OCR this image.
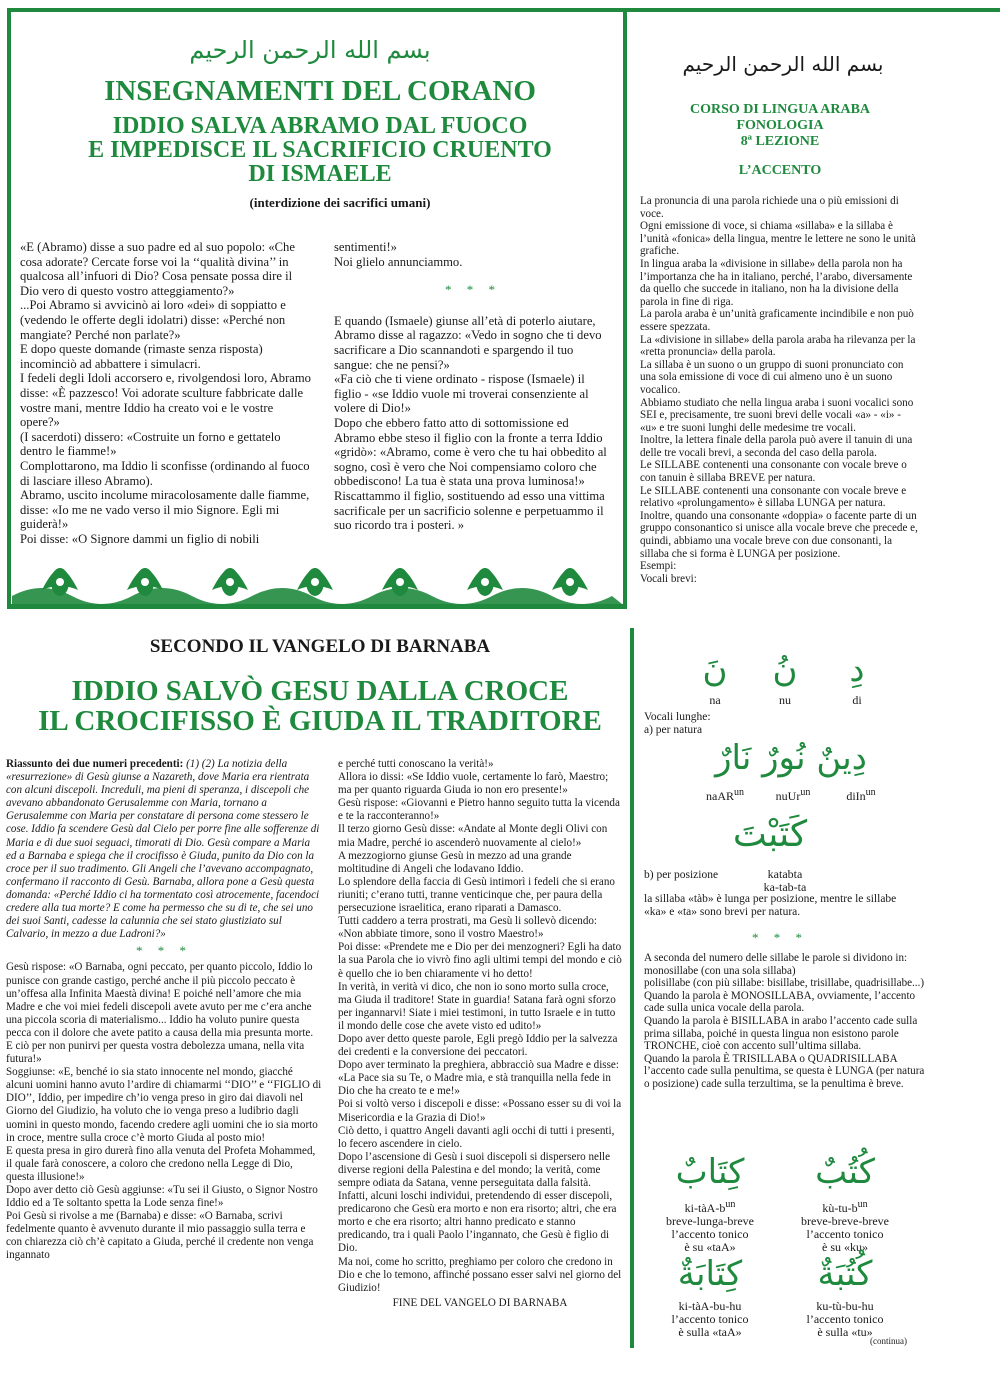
بسم الله الرحمن الرحيم
INSEGNAMENTI DEL CORANO
IDDIO SALVA ABRAMO DAL FUOCO
E IMPEDISCE IL SACRIFICIO CRUENTO
DI ISMAELE
(interdizione dei sacrifici umani)

«E (Abramo) disse a suo padre ed al suo popolo: «Che cosa adorate? Cercate forse voi la ‘‘qualità divina’’ in qualcosa all’infuori di Dio? Cosa pensate possa dire il Dio vero di questo vostro atteggiamento?»

...Poi Abramo si avvicinò ai loro «dei» di soppiatto e (vedendo le offerte degli idolatri) disse: «Perché non mangiate? Perché non parlate?»

E dopo queste domande (rimaste senza risposta) incominciò ad abbattere i simulacri.

I fedeli degli Idoli accorsero e, rivolgendosi loro, Abramo disse: «È pazzesco! Voi adorate sculture fabbricate dalle vostre mani, mentre Iddio ha creato voi e le vostre opere?»

(I sacerdoti) dissero: «Costruite un forno e gettatelo dentro le fiamme!»

Complottarono, ma Iddio li sconfisse (ordinando al fuoco di lasciare illeso Abramo).

Abramo, uscito incolume miracolosamente dalle fiamme, disse: «Io me ne vado verso il mio Signore. Egli mi guiderà!»

Poi disse: «O Signore dammi un figlio di nobili

sentimenti!»

Noi glielo annunciammo.

* * *

E quando (Ismaele) giunse all’età di poterlo aiutare, Abramo disse al ragazzo: «Vedo in sogno che ti devo sacrificare a Dio scannandoti e spargendo il tuo sangue: che ne pensi?»

«Fa ciò che ti viene ordinato - rispose (Ismaele) il figlio - «se Iddio vuole mi troverai consenziente al volere di Dio!»

Dopo che ebbero fatto atto di sottomissione ed Abramo ebbe steso il figlio con la fronte a terra Iddio «gridò»: «Abramo, come è vero che tu hai obbedito al sogno, così è vero che Noi compensiamo coloro che obbediscono! La tua è stata una prova luminosa!»

Riscattammo il figlio, sostituendo ad esso una vittima sacrificale per un sacrificio solenne e perpetuammo il suo ricordo tra i posteri. »

SECONDO IL VANGELO DI BARNABA
IDDIO SALVÒ GESU DALLA CROCE
IL CROCIFISSO È GIUDA IL TRADITORE

Riassunto dei due numeri precedenti: (1) (2) La notizia della «resurrezione» di Gesù giunse a Nazareth, dove Maria era rientrata con alcuni discepoli. Increduli, ma pieni di speranza, i discepoli che avevano abbandonato Gerusalemme con Maria, tornano a Gerusalemme con Maria per constatare di persona come stessero le cose. Iddio fa scendere Gesù dal Cielo per porre fine alle sofferenze di Maria e di due suoi seguaci, timorati di Dio. Gesù compare a Maria ed a Barnaba e spiega che il crocifisso è Giuda, punito da Dio con la croce per il suo tradimento. Gli Angeli che l’avevano accompagnato, confermano il racconto di Gesù. Barnaba, allora pone a Gesù questa domanda: «Perché Iddio ci ha tormentato così atrocemente, facendoci credere alla tua morte? E come ha permesso che su di te, che sei uno dei suoi Santi, cadesse la calunnia che sei stato giustiziato sul Calvario, in mezzo a due Ladroni?»

* * *

Gesù rispose: «O Barnaba, ogni peccato, per quanto piccolo, Iddio lo punisce con grande castigo, perché anche il più piccolo peccato è un’offesa alla Infinita Maestà divina! E poiché nell’amore che mia Madre e che voi miei fedeli discepoli avete avuto per me c’era anche una piccola scoria di materialismo... Iddio ha voluto punire questa pecca con il dolore che avete patito a causa della mia presunta morte. E ciò per non punirvi per questa vostra debolezza umana, nella vita futura!»

Soggiunse: «E, benché io sia stato innocente nel mondo, giacché alcuni uomini hanno avuto l’ardire di chiamarmi ‘‘DIO’’ e ‘‘FIGLIO di DIO’’, Iddio, per impedire ch’io venga preso in giro dai diavoli nel Giorno del Giudizio, ha voluto che io venga preso a ludibrio dagli uomini in questo mondo, facendo credere agli uomini che io sia morto in croce, mentre sulla croce c’è morto Giuda al posto mio!

E questa presa in giro durerà fino alla venuta del Profeta Mohammed, il quale farà conoscere, a coloro che credono nella Legge di Dio, questa illusione!»

Dopo aver detto ciò Gesù aggiunse: «Tu sei il Giusto, o Signor Nostro Iddio ed a Te soltanto spetta la Lode senza fine!»

Poi Gesù si rivolse a me (Barnaba) e disse: «O Barnaba, scrivi fedelmente quanto è avvenuto durante il mio passaggio sulla terra e con chiarezza ciò ch’è capitato a Giuda, perché il credente non venga ingannato

e perché tutti conoscano la verità!»

Allora io dissi: «Se Iddio vuole, certamente lo farò, Maestro; ma per quanto riguarda Giuda io non ero presente!»

Gesù rispose: «Giovanni e Pietro hanno seguito tutta la vicenda e te la racconteranno!»

Il terzo giorno Gesù disse: «Andate al Monte degli Olivi con mia Madre, perché io ascenderò nuovamente al cielo!»

A mezzogiorno giunse Gesù in mezzo ad una grande moltitudine di Angeli che lodavano Iddio.

Lo splendore della faccia di Gesù intimorì i fedeli che si erano riuniti; c’erano tutti, tranne venticinque che, per paura della persecuzione israelitica, erano riparati a Damasco.

Tutti caddero a terra prostrati, ma Gesù li sollevò dicendo: «Non abbiate timore, sono il vostro Maestro!»

Poi disse: «Prendete me e Dio per dei menzogneri? Egli ha dato la sua Parola che io vivrò fino agli ultimi tempi del mondo e ciò è quello che io ben chiaramente vi ho detto!

In verità, in verità vi dico, che non io sono morto sulla croce, ma Giuda il traditore! State in guardia! Satana farà ogni sforzo per ingannarvi! Siate i miei testimoni, in tutto Israele e in tutto il mondo delle cose che avete visto ed udito!»

Dopo aver detto queste parole, Egli pregò Iddio per la salvezza dei credenti e la conversione dei peccatori.

Dopo aver terminato la preghiera, abbracciò sua Madre e disse: «La Pace sia su Te, o Madre mia, e stà tranquilla nella fede in Dio che ha creato te e me!»

Poi si voltò verso i discepoli e disse: «Possano esser su di voi la Misericordia e la Grazia di Dio!»

Ciò detto, i quattro Angeli davanti agli occhi di tutti i presenti, lo fecero ascendere in cielo.

Dopo l’ascensione di Gesù i suoi discepoli si dispersero nelle diverse regioni della Palestina e del mondo; la verità, come sempre odiata da Satana, venne perseguitata dalla falsità.

Infatti, alcuni loschi individui, pretendendo di esser discepoli, predicarono che Gesù era morto e non era risorto; altri, che era morto e che era risorto; altri hanno predicato e stanno predicando, tra i quali Paolo l’ingannato, che Gesù è figlio di Dio.

Ma noi, come ho scritto, preghiamo per coloro che credono in Dio e che lo temono, affinché possano esser salvi nel giorno del Giudizio!

FINE DEL VANGELO DI BARNABA
بسم الله الرحمن الرحيم
CORSO DI LINGUA ARABA
FONOLOGIA
8ª LEZIONE
L’ACCENTO

La pronuncia di una parola richiede una o più emissioni di voce.

Ogni emissione di voce, si chiama «sillaba» e la sillaba è l’unità «fonica» della lingua, mentre le lettere ne sono le unità grafiche.

In lingua araba la «divisione in sillabe» della parola non ha l’importanza che ha in italiano, perché, l’arabo, diversamente da quello che succede in italiano, non ha la divisione della parola in fine di riga.

La parola araba è un’unità graficamente incindibile e non può essere spezzata.

La «divisione in sillabe» della parola araba ha rilevanza per la «retta pronuncia» della parola.

La sillaba è un suono o un gruppo di suoni pronunciato con una sola emissione di voce di cui almeno uno è un suono vocalico.

Abbiamo studiato che nella lingua araba i suoni vocalici sono SEI e, precisamente, tre suoni brevi delle vocali «a» - «i» - «u» e tre suoni lunghi delle medesime tre vocali.

Inoltre, la lettera finale della parola può avere il tanuin di una delle tre vocali brevi, a seconda del caso della parola.

Le SILLABE contenenti una consonante con vocale breve o con tanuin è sillaba BREVE per natura.

Le SILLABE contenenti una consonante con vocale breve e relativo «prolungamento» è sillaba LUNGA per natura.

Inoltre, quando una consonante «doppia» o facente parte di un gruppo consonantico si unisce alla vocale breve che precede e, quindi, abbiamo una vocale breve con due consonanti, la sillaba che si forma è LUNGA per posizione.

Esempi:

Vocali brevi:

نَ	نُ	دِ
na	nu	di

Vocali lunghe:

a) per natura

دِينٌ نُورٌ نَارٌ
naAR$^{un}$	nuUr$^{un}$	diIn$^{un}$
كَتَبْتَ
b) per posizione	katabta
ka-tab-ta
la sillaba «tàb» è lunga per posizione, mentre le sillabe «ka» e «ta» sono brevi per natura.
* * *

A seconda del numero delle sillabe le parole si dividono in:

monosillabe (con una sola sillaba)

polisillabe (con più sillabe: bisillabe, trisillabe, quadrisillabe...)

Quando la parola è MONOSILLABA, ovviamente, l’accento cade sulla unica vocale della parola.

Quando la parola è BISILLABA in arabo l’accento cade sulla prima sillaba, poiché in questa lingua non esistono parole TRONCHE, cioè con accento sull’ultima sillaba.

Quando la parola È TRISILLABA o QUADRISILLABA l’accento cade sulla penultima, se questa è LUNGA (per natura o posizione) cade sulla terzultima, se la penultima è breve.

كِتَابٌ
$ki-tàA-b^{un}$
breve-lunga-breve
l’accento tonico
è su «taA»
كُتُبٌ
$kù-tu-b^{un}$
breve-breve-breve
l’accento tonico
è su «ku»
كِتَابَةٌ
ki-tàA-bu-hu
l’accento tonico
è sulla «taA»
كُتُبَةٌ
ku-tù-bu-hu
l’accento tonico
è sulla «tu»
(continua)
